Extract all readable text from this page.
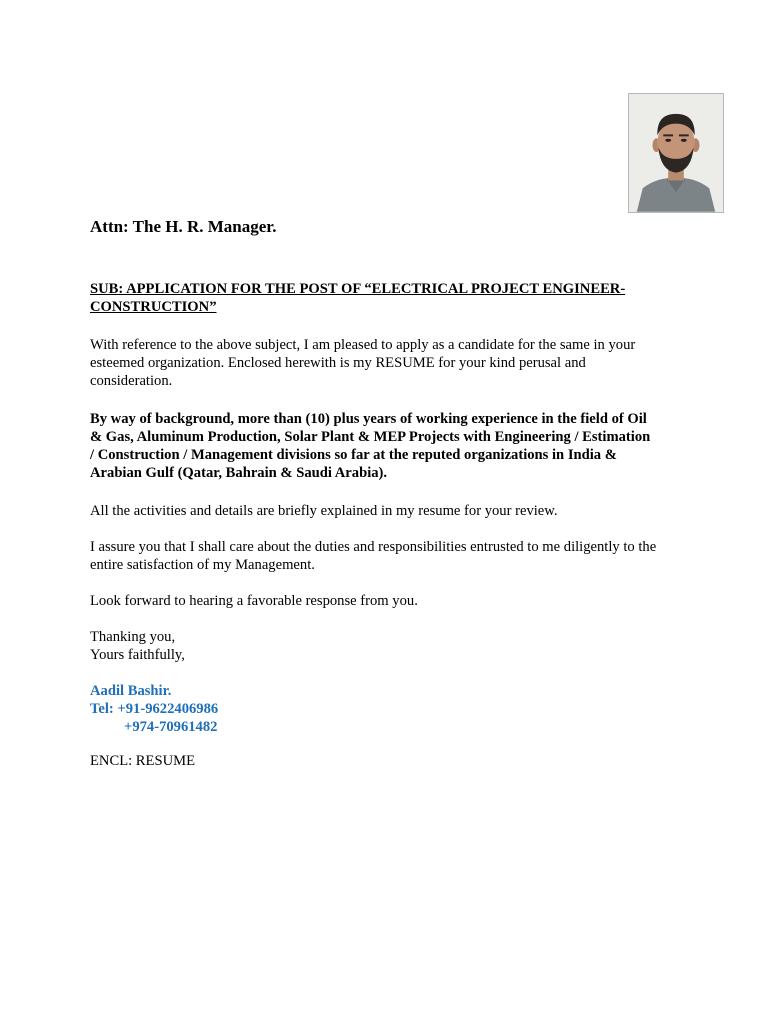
Attn: The H. R. Manager.
SUB: APPLICATION FOR THE POST OF “ELECTRICAL PROJECT ENGINEER-
CONSTRUCTION”
With reference to the above subject, I am pleased to apply as a candidate for the same in your
esteemed organization. Enclosed herewith is my RESUME for your kind perusal and
consideration.
By way of background, more than (10) plus years of working experience in the field of Oil
& Gas, Aluminum Production, Solar Plant & MEP Projects with Engineering / Estimation
/ Construction / Management divisions so far at the reputed organizations in India &
Arabian Gulf (Qatar, Bahrain & Saudi Arabia).
All the activities and details are briefly explained in my resume for your review.
I assure you that I shall care about the duties and responsibilities entrusted to me diligently to the
entire satisfaction of my Management.
Look forward to hearing a favorable response from you.
Thanking you,
Yours faithfully,
Aadil Bashir.
Tel: +91-9622406986
+974-70961482
ENCL: RESUME
